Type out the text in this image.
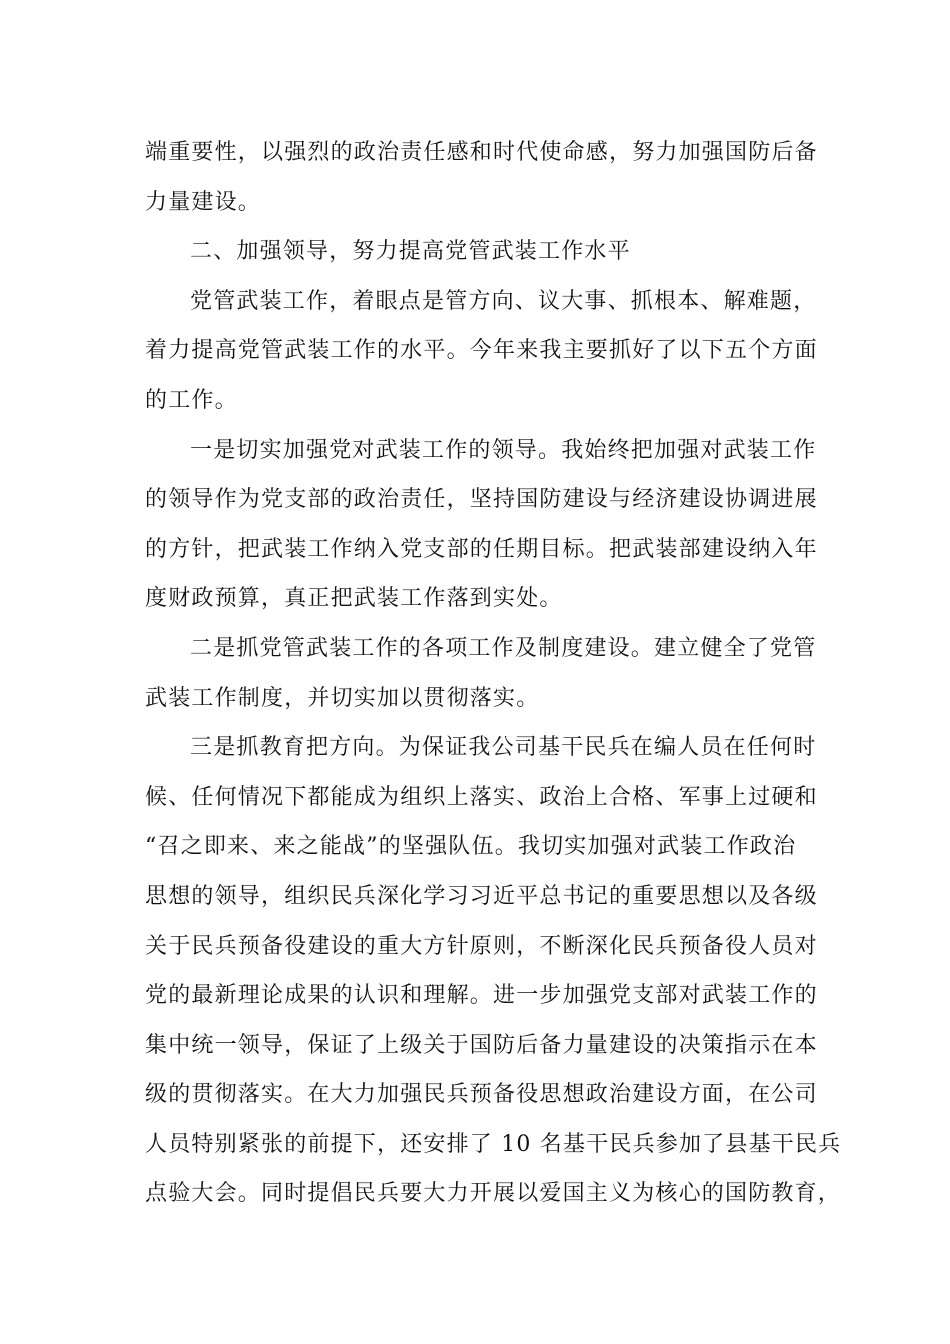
端重要性，以强烈的政治责任感和时代使命感，努力加强国防后备
力量建设。
二、加强领导，努力提高党管武装工作水平
党管武装工作，着眼点是管方向、议大事、抓根本、解难题，
着力提高党管武装工作的水平。今年来我主要抓好了以下五个方面
的工作。
一是切实加强党对武装工作的领导。我始终把加强对武装工作
的领导作为党支部的政治责任，坚持国防建设与经济建设协调进展
的方针，把武装工作纳入党支部的任期目标。把武装部建设纳入年
度财政预算，真正把武装工作落到实处。
二是抓党管武装工作的各项工作及制度建设。建立健全了党管
武装工作制度，并切实加以贯彻落实。
三是抓教育把方向。为保证我公司基干民兵在编人员在任何时
候、任何情况下都能成为组织上落实、政治上合格、军事上过硬和
“召之即来、来之能战”的坚强队伍。我切实加强对武装工作政治
思想的领导，组织民兵深化学习习近平总书记的重要思想以及各级
关于民兵预备役建设的重大方针原则，不断深化民兵预备役人员对
党的最新理论成果的认识和理解。进一步加强党支部对武装工作的
集中统一领导，保证了上级关于国防后备力量建设的决策指示在本
级的贯彻落实。在大力加强民兵预备役思想政治建设方面，在公司
人员特别紧张的前提下，还安排了 10 名基干民兵参加了县基干民兵
点验大会。同时提倡民兵要大力开展以爱国主义为核心的国防教育，
